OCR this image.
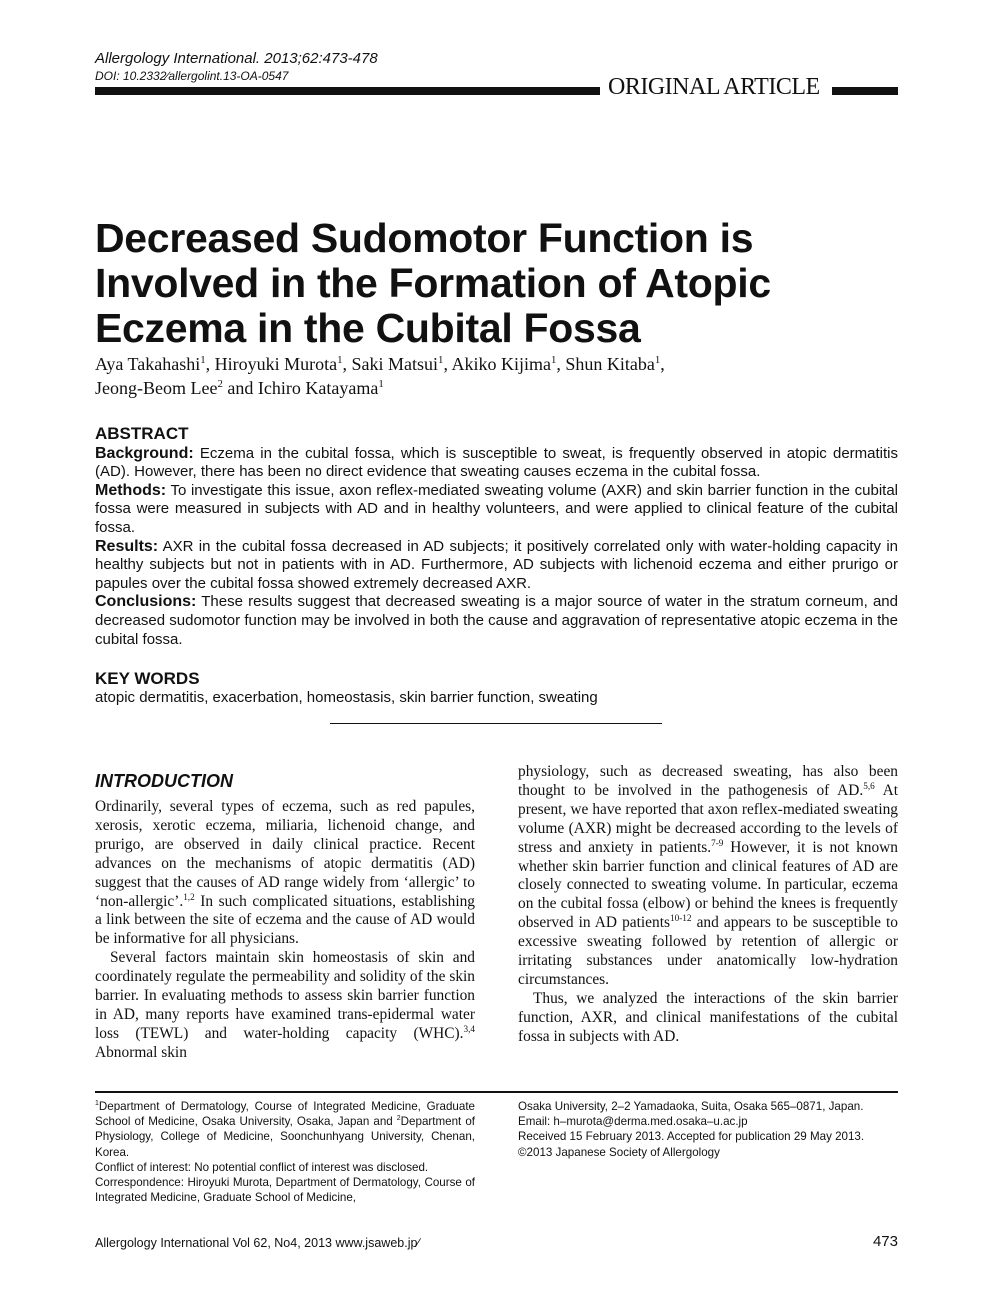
Allergology International. 2013;62:473-478
DOI: 10.2332∕allergolint.13-OA-0547	ORIGINAL ARTICLE
Decreased Sudomotor Function is Involved in the Formation of Atopic Eczema in the Cubital Fossa
Aya Takahashi$^1$, Hiroyuki Murota$^1$, Saki Matsui$^1$, Akiko Kijima$^1$, Shun Kitaba$^1$,
Jeong-Beom Lee$^2$ and Ichiro Katayama$^1$
ABSTRACT

Background: Eczema in the cubital fossa, which is susceptible to sweat, is frequently observed in atopic dermatitis (AD). However, there has been no direct evidence that sweating causes eczema in the cubital fossa.

Methods: To investigate this issue, axon reflex-mediated sweating volume (AXR) and skin barrier function in the cubital fossa were measured in subjects with AD and in healthy volunteers, and were applied to clinical feature of the cubital fossa.

Results: AXR in the cubital fossa decreased in AD subjects; it positively correlated only with water-holding capacity in healthy subjects but not in patients with in AD. Furthermore, AD subjects with lichenoid eczema and either prurigo or papules over the cubital fossa showed extremely decreased AXR.

Conclusions: These results suggest that decreased sweating is a major source of water in the stratum corneum, and decreased sudomotor function may be involved in both the cause and aggravation of representative atopic eczema in the cubital fossa.

KEY WORDS

atopic dermatitis, exacerbation, homeostasis, skin barrier function, sweating

INTRODUCTION

Ordinarily, several types of eczema, such as red papules, xerosis, xerotic eczema, miliaria, lichenoid change, and prurigo, are observed in daily clinical practice. Recent advances on the mechanisms of atopic dermatitis (AD) suggest that the causes of AD range widely from ‘allergic’ to ‘non-allergic’.$^{1,2}$ In such complicated situations, establishing a link between the site of eczema and the cause of AD would be informative for all physicians.

Several factors maintain skin homeostasis of skin and coordinately regulate the permeability and solidity of the skin barrier. In evaluating methods to assess skin barrier function in AD, many reports have examined trans-epidermal water loss (TEWL) and water-holding capacity (WHC).$^{3,4}$ Abnormal skin

physiology, such as decreased sweating, has also been thought to be involved in the pathogenesis of AD.$^{5,6}$ At present, we have reported that axon reflex-mediated sweating volume (AXR) might be decreased according to the levels of stress and anxiety in patients.$^{7-9}$ However, it is not known whether skin barrier function and clinical features of AD are closely connected to sweating volume. In particular, eczema on the cubital fossa (elbow) or behind the knees is frequently observed in AD patients$^{10-12}$ and appears to be susceptible to excessive sweating followed by retention of allergic or irritating substances under anatomically low-hydration circumstances.

Thus, we analyzed the interactions of the skin barrier function, AXR, and clinical manifestations of the cubital fossa in subjects with AD.

$^1$Department of Dermatology, Course of Integrated Medicine, Graduate School of Medicine, Osaka University, Osaka, Japan and $^2$Department of Physiology, College of Medicine, Soonchunhyang University, Chenan, Korea.

Conflict of interest: No potential conflict of interest was disclosed.

Correspondence: Hiroyuki Murota, Department of Dermatology, Course of Integrated Medicine, Graduate School of Medicine,

Osaka University, 2–2 Yamadaoka, Suita, Osaka 565–0871, Japan.

Email: h–murota@derma.med.osaka–u.ac.jp

Received 15 February 2013. Accepted for publication 29 May 2013.

©2013 Japanese Society of Allergology

Allergology International Vol 62, No4, 2013 www.jsaweb.jp∕	473
